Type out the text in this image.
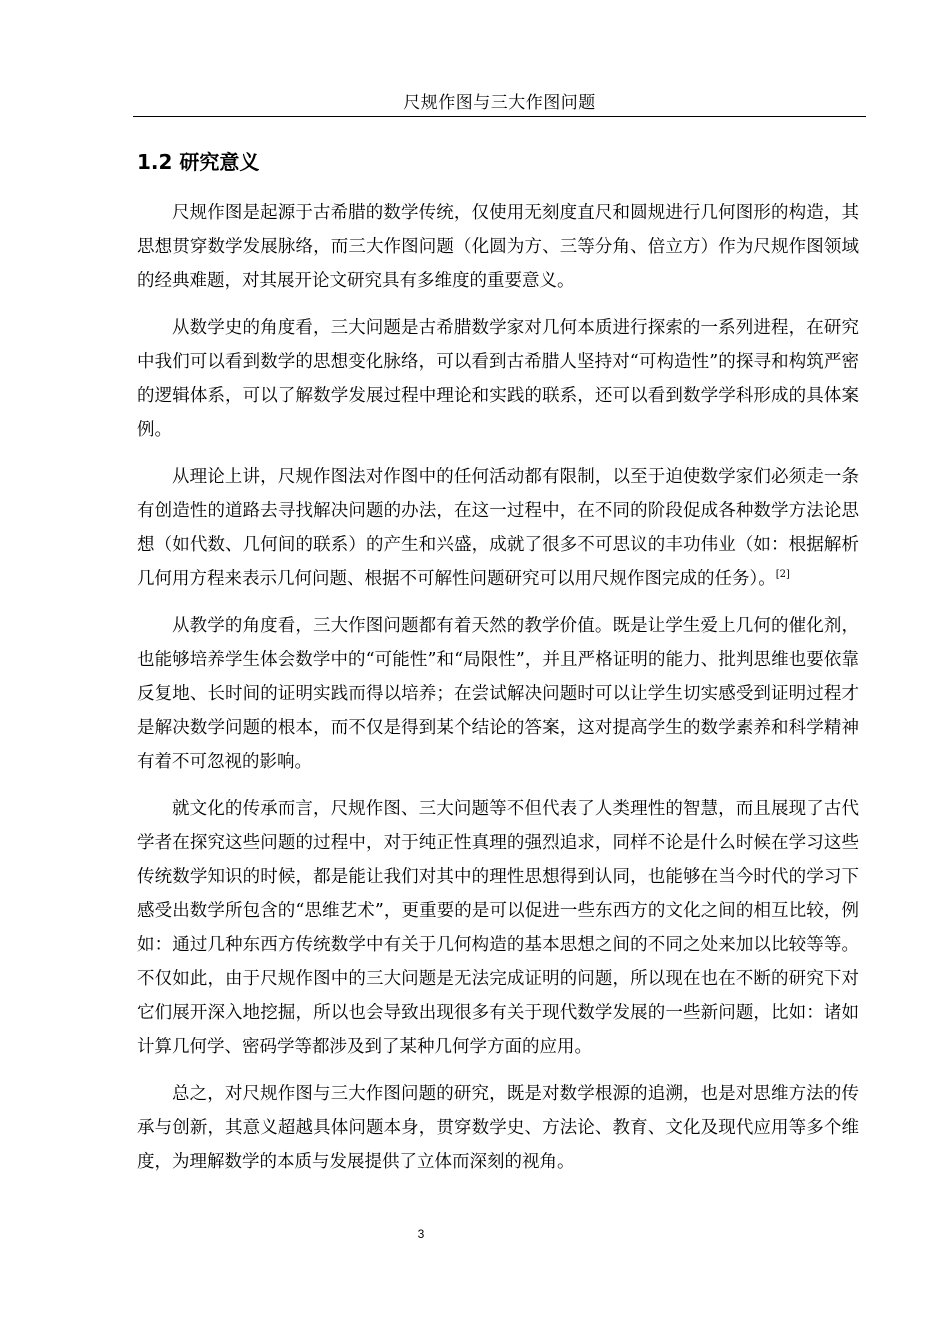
尺规作图与三大作图问题
1.2 研究意义

尺规作图是起源于古希腊的数学传统，仅使用无刻度直尺和圆规进行几何图形的构造，其思想贯穿数学发展脉络，而三大作图问题（化圆为方、三等分角、倍立方）作为尺规作图领域的经典难题，对其展开论文研究具有多维度的重要意义。

从数学史的角度看，三大问题是古希腊数学家对几何本质进行探索的一系列进程，在研究中我们可以看到数学的思想变化脉络，可以看到古希腊人坚持对“可构造性”的探寻和构筑严密的逻辑体系，可以了解数学发展过程中理论和实践的联系，还可以看到数学学科形成的具体案例。

从理论上讲，尺规作图法对作图中的任何活动都有限制，以至于迫使数学家们必须走一条有创造性的道路去寻找解决问题的办法，在这一过程中，在不同的阶段促成各种数学方法论思想（如代数、几何间的联系）的产生和兴盛，成就了很多不可思议的丰功伟业（如：根据解析几何用方程来表示几何问题、根据不可解性问题研究可以用尺规作图完成的任务）。[2]

从教学的角度看，三大作图问题都有着天然的教学价值。既是让学生爱上几何的催化剂，也能够培养学生体会数学中的“可能性”和“局限性”，并且严格证明的能力、批判思维也要依靠反复地、长时间的证明实践而得以培养；在尝试解决问题时可以让学生切实感受到证明过程才是解决数学问题的根本，而不仅是得到某个结论的答案，这对提高学生的数学素养和科学精神有着不可忽视的影响。

就文化的传承而言，尺规作图、三大问题等不但代表了人类理性的智慧，而且展现了古代学者在探究这些问题的过程中，对于纯正性真理的强烈追求，同样不论是什么时候在学习这些传统数学知识的时候，都是能让我们对其中的理性思想得到认同，也能够在当今时代的学习下感受出数学所包含的“思维艺术”，更重要的是可以促进一些东西方的文化之间的相互比较，例如：通过几种东西方传统数学中有关于几何构造的基本思想之间的不同之处来加以比较等等。不仅如此，由于尺规作图中的三大问题是无法完成证明的问题，所以现在也在不断的研究下对它们展开深入地挖掘，所以也会导致出现很多有关于现代数学发展的一些新问题，比如：诸如计算几何学、密码学等都涉及到了某种几何学方面的应用。

总之，对尺规作图与三大作图问题的研究，既是对数学根源的追溯，也是对思维方法的传承与创新，其意义超越具体问题本身，贯穿数学史、方法论、教育、文化及现代应用等多个维度，为理解数学的本质与发展提供了立体而深刻的视角。

3
